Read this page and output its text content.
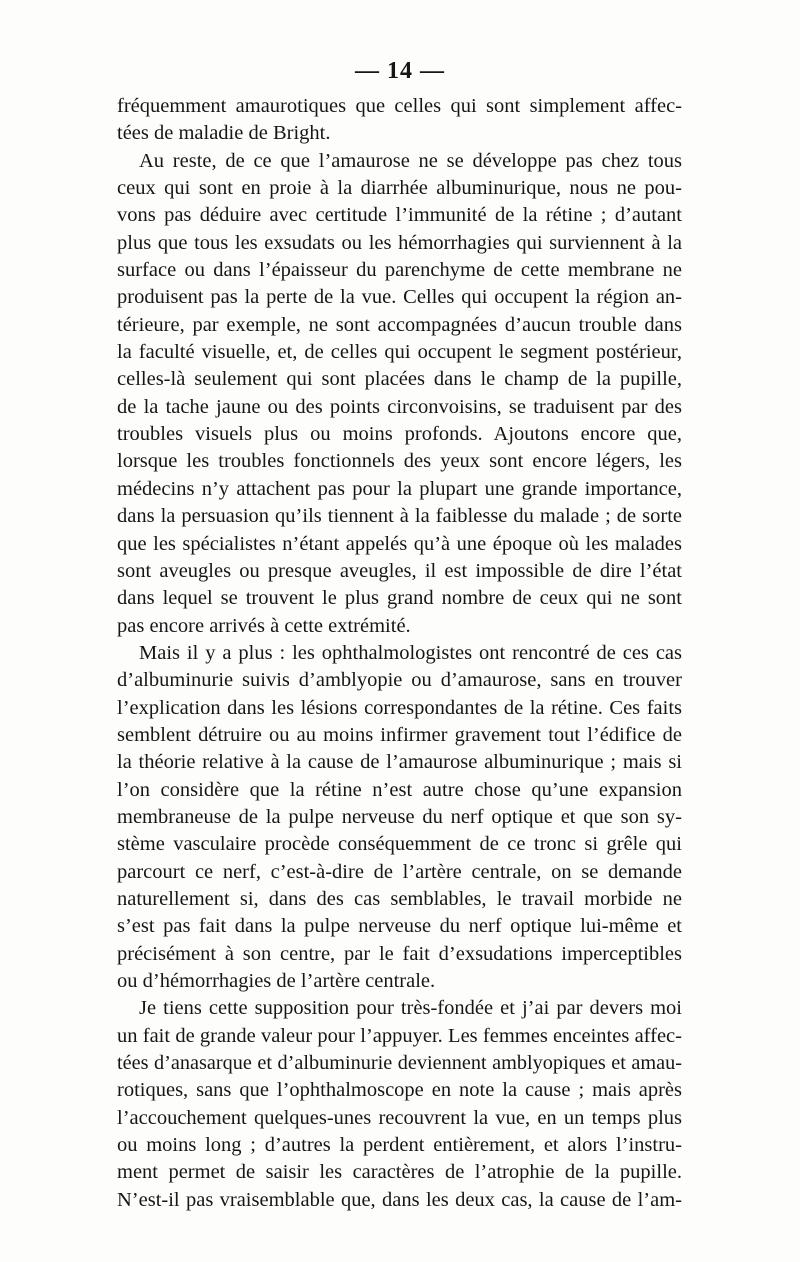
— 14 —
fréquemment amaurotiques que celles qui sont simplement affec-
tées de maladie de Bright.
Au reste, de ce que l’amaurose ne se développe pas chez tous
ceux qui sont en proie à la diarrhée albuminurique, nous ne pou-
vons pas déduire avec certitude l’immunité de la rétine ; d’autant
plus que tous les exsudats ou les hémorrhagies qui surviennent à la
surface ou dans l’épaisseur du parenchyme de cette membrane ne
produisent pas la perte de la vue. Celles qui occupent la région an-
térieure, par exemple, ne sont accompagnées d’aucun trouble dans
la faculté visuelle, et, de celles qui occupent le segment postérieur,
celles-là seulement qui sont placées dans le champ de la pupille,
de la tache jaune ou des points circonvoisins, se traduisent par des
troubles visuels plus ou moins profonds. Ajoutons encore que,
lorsque les troubles fonctionnels des yeux sont encore légers, les
médecins n’y attachent pas pour la plupart une grande importance,
dans la persuasion qu’ils tiennent à la faiblesse du malade ; de sorte
que les spécialistes n’étant appelés qu’à une époque où les malades
sont aveugles ou presque aveugles, il est impossible de dire l’état
dans lequel se trouvent le plus grand nombre de ceux qui ne sont
pas encore arrivés à cette extrémité.
Mais il y a plus : les ophthalmologistes ont rencontré de ces cas
d’albuminurie suivis d’amblyopie ou d’amaurose, sans en trouver
l’explication dans les lésions correspondantes de la rétine. Ces faits
semblent détruire ou au moins infirmer gravement tout l’édifice de
la théorie relative à la cause de l’amaurose albuminurique ; mais si
l’on considère que la rétine n’est autre chose qu’une expansion
membraneuse de la pulpe nerveuse du nerf optique et que son sy-
stème vasculaire procède conséquemment de ce tronc si grêle qui
parcourt ce nerf, c’est-à-dire de l’artère centrale, on se demande
naturellement si, dans des cas semblables, le travail morbide ne
s’est pas fait dans la pulpe nerveuse du nerf optique lui-même et
précisément à son centre, par le fait d’exsudations imperceptibles
ou d’hémorrhagies de l’artère centrale.
Je tiens cette supposition pour très-fondée et j’ai par devers moi
un fait de grande valeur pour l’appuyer. Les femmes enceintes affec-
tées d’anasarque et d’albuminurie deviennent amblyopiques et amau-
rotiques, sans que l’ophthalmoscope en note la cause ; mais après
l’accouchement quelques-unes recouvrent la vue, en un temps plus
ou moins long ; d’autres la perdent entièrement, et alors l’instru-
ment permet de saisir les caractères de l’atrophie de la pupille.
N’est-il pas vraisemblable que, dans les deux cas, la cause de l’am-
